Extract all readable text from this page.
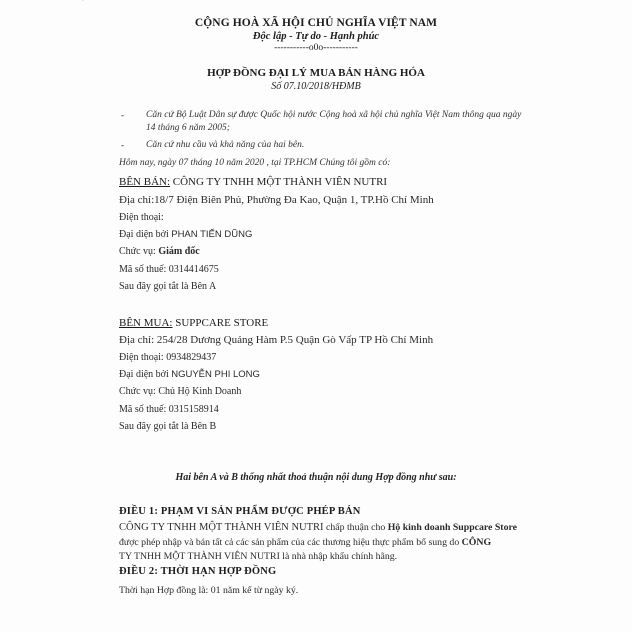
CỘNG HOÀ XÃ HỘI CHỦ NGHĨA VIỆT NAM
Độc lập - Tự do - Hạnh phúc
-----------o0o-----------
HỢP ĐỒNG ĐẠI LÝ MUA BÁN HÀNG HÓA
Số 07.10/2018/HĐMB
- Căn cứ Bộ Luật Dân sự được Quốc hội nước Cộng hoà xã hội chủ nghĩa Việt Nam thông qua ngày 14 tháng 6 năm 2005;
- Căn cứ nhu cầu và khả năng của hai bên.
Hôm nay, ngày 07 tháng 10 năm 2020 , tại TP.HCM Chúng tôi gồm có:
BÊN BÁN: CÔNG TY TNHH MỘT THÀNH VIÊN NUTRI
Địa chỉ:18/7 Điện Biên Phủ, Phường Đa Kao, Quận 1, TP.Hồ Chí Minh
Điện thoại:
Đại diện bởi PHAN TIẾN DŨNG
Chức vụ: Giám đốc
Mã số thuế: 0314414675
Sau đây gọi tắt là Bên A
BÊN MUA: SUPPCARE STORE
Địa chỉ: 254/28 Dương Quảng Hàm P.5 Quận Gò Vấp TP Hồ Chí Minh
Điện thoại: 0934829437
Đại diện bởi NGUYỄN PHI LONG
Chức vụ: Chủ Hộ Kinh Doanh
Mã số thuế: 0315158914
Sau đây gọi tắt là Bên B
Hai bên A và B thống nhất thoả thuận nội dung Hợp đồng như sau:
ĐIỀU 1: PHẠM VI SẢN PHẨM ĐƯỢC PHÉP BÁN
CÔNG TY TNHH MỘT THÀNH VIÊN NUTRI chấp thuận cho Hộ kinh doanh Suppcare Store
được phép nhập và bán tất cả các sản phẩm của các thương hiệu thực phẩm bổ sung do CÔNG
TY TNHH MỘT THÀNH VIÊN NUTRI là nhà nhập khẩu chính hãng.
ĐIỀU 2: THỜI HẠN HỢP ĐỒNG
Thời hạn Hợp đồng là: 01 năm kể từ ngày ký.
